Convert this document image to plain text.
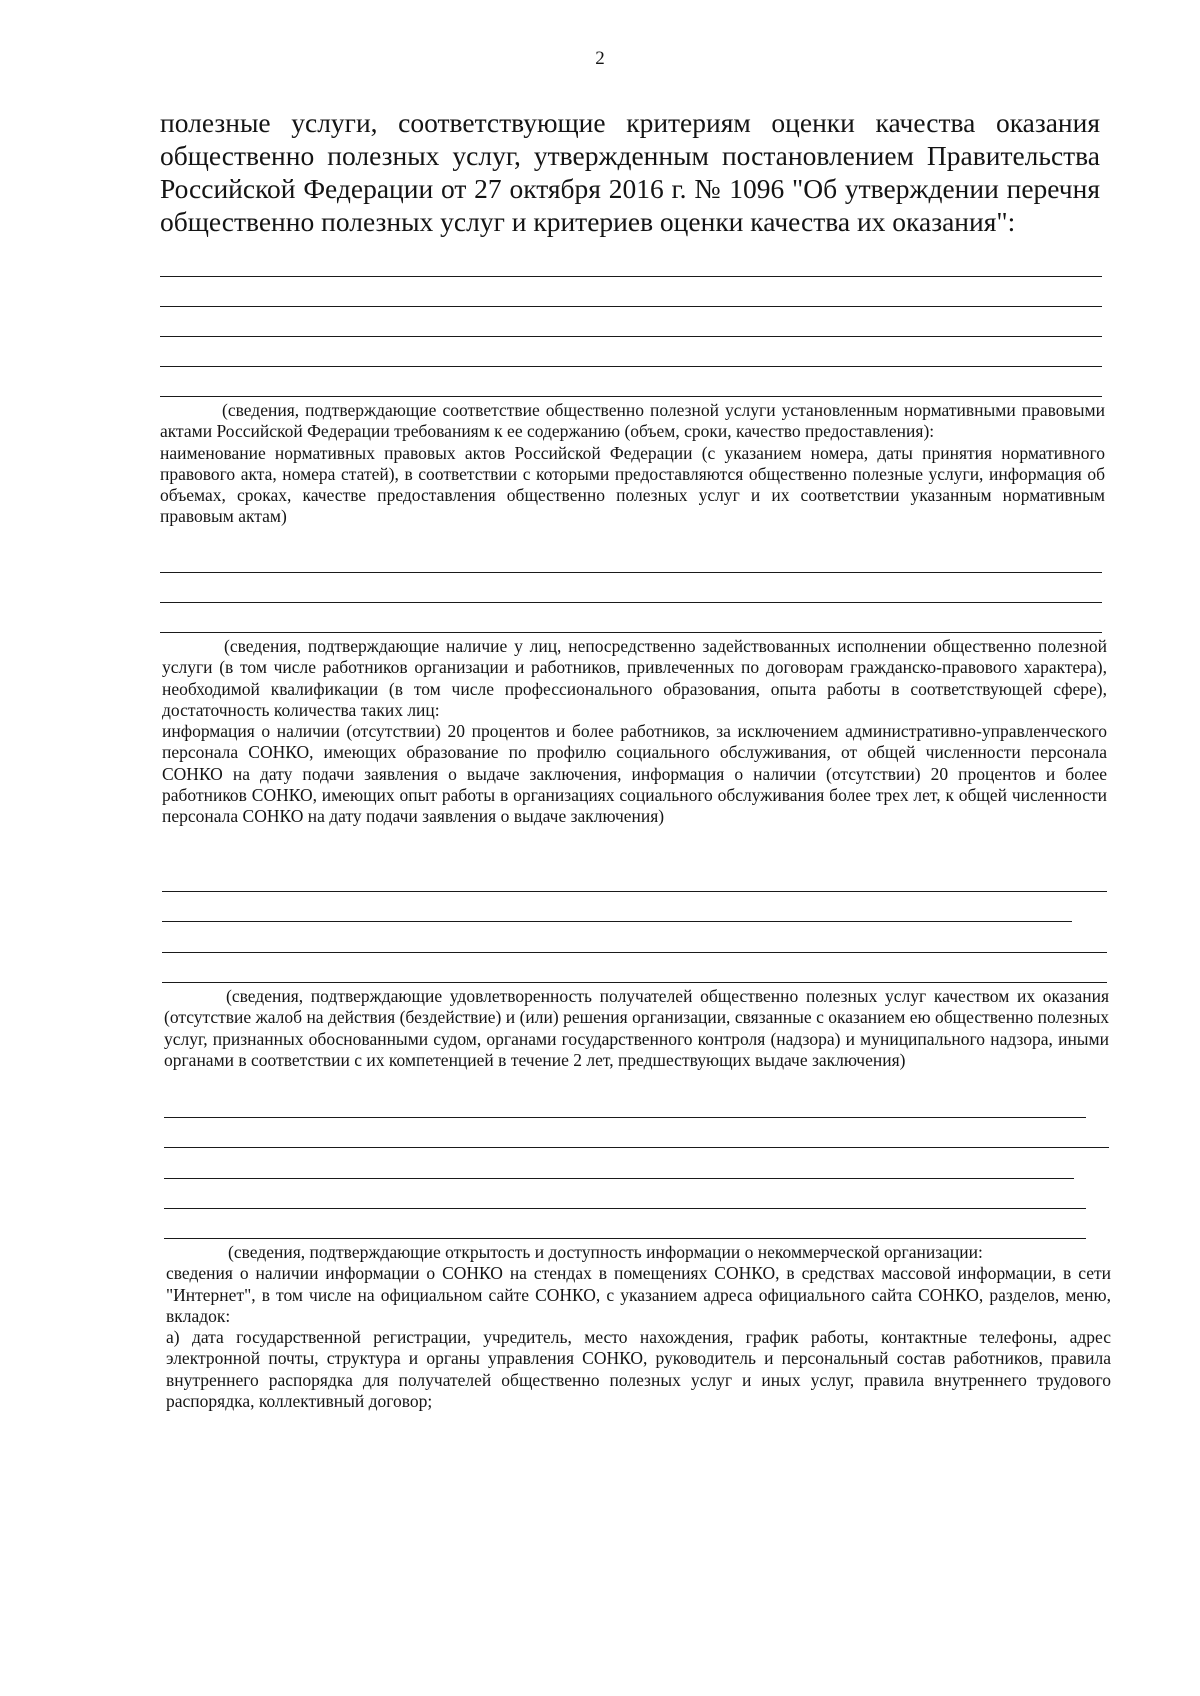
2

полезные услуги, соответствующие критериям оценки качества оказания общественно полезных услуг, утвержденным постановлением Правительства Российской Федерации от 27 октября 2016 г. № 1096 "Об утверждении перечня общественно полезных услуг и критериев оценки качества их оказания":

(сведения, подтверждающие соответствие общественно полезной услуги установленным нормативными правовыми актами Российской Федерации требованиям к ее содержанию (объем, сроки, качество предоставления):

наименование нормативных правовых актов Российской Федерации (с указанием номера, даты принятия нормативного правового акта, номера статей), в соответствии с которыми предоставляются общественно полезные услуги, информация об объемах, сроках, качестве предоставления общественно полезных услуг и их соответствии указанным нормативным правовым актам)

(сведения, подтверждающие наличие у лиц, непосредственно задействованных исполнении общественно полезной услуги (в том числе работников организации и работников, привлеченных по договорам гражданско-правового характера), необходимой квалификации (в том числе профессионального образования, опыта работы в соответствующей сфере), достаточность количества таких лиц:

информация о наличии (отсутствии) 20 процентов и более работников, за исключением административно-управленческого персонала СОНКО, имеющих образование по профилю социального обслуживания, от общей численности персонала СОНКО на дату подачи заявления о выдаче заключения, информация о наличии (отсутствии) 20 процентов и более работников СОНКО, имеющих опыт работы в организациях социального обслуживания более трех лет, к общей численности персонала СОНКО на дату подачи заявления о выдаче заключения)

(сведения, подтверждающие удовлетворенность получателей общественно полезных услуг качеством их оказания (отсутствие жалоб на действия (бездействие) и (или) решения организации, связанные с оказанием ею общественно полезных услуг, признанных обоснованными судом, органами государственного контроля (надзора) и муниципального надзора, иными органами в соответствии с их компетенцией в течение 2 лет, предшествующих выдаче заключения)

(сведения, подтверждающие открытость и доступность информации о некоммерческой организации:

сведения о наличии информации о СОНКО на стендах в помещениях СОНКО, в средствах массовой информации, в сети "Интернет", в том числе на официальном сайте СОНКО, с указанием адреса официального сайта СОНКО, разделов, меню, вкладок:

а) дата государственной регистрации, учредитель, место нахождения, график работы, контактные телефоны, адрес электронной почты, структура и органы управления СОНКО, руководитель и персональный состав работников, правила внутреннего распорядка для получателей общественно полезных услуг и иных услуг, правила внутреннего трудового распорядка, коллективный договор;
